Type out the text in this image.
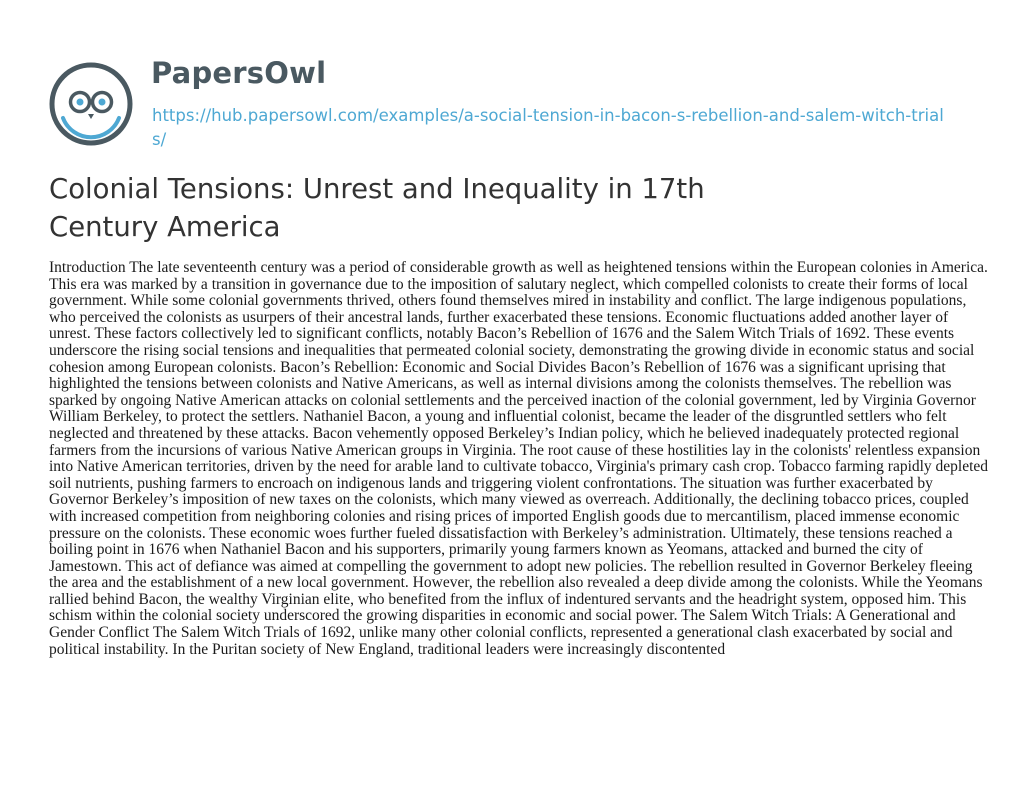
PapersOwl
https://hub.papersowl.com/examples/a-social-tension-in-bacon-s-rebellion-and-salem-witch-trials/
Colonial Tensions: Unrest and Inequality in 17th Century America

Introduction The late seventeenth century was a period of considerable growth as well as heightened tensions within the European colonies in America. This era was marked by a transition in governance due to the imposition of salutary neglect, which compelled colonists to create their forms of local government. While some colonial governments thrived, others found themselves mired in instability and conflict. The large indigenous populations, who perceived the colonists as usurpers of their ancestral lands, further exacerbated these tensions. Economic fluctuations added another layer of unrest. These factors collectively led to significant conflicts, notably Bacon’s Rebellion of 1676 and the Salem Witch Trials of 1692. These events underscore the rising social tensions and inequalities that permeated colonial society, demonstrating the growing divide in economic status and social cohesion among European colonists. Bacon’s Rebellion: Economic and Social Divides Bacon’s Rebellion of 1676 was a significant uprising that highlighted the tensions between colonists and Native Americans, as well as internal divisions among the colonists themselves. The rebellion was sparked by ongoing Native American attacks on colonial settlements and the perceived inaction of the colonial government, led by Virginia Governor William Berkeley, to protect the settlers. Nathaniel Bacon, a young and influential colonist, became the leader of the disgruntled settlers who felt neglected and threatened by these attacks. Bacon vehemently opposed Berkeley’s Indian policy, which he believed inadequately protected regional farmers from the incursions of various Native American groups in Virginia. The root cause of these hostilities lay in the colonists' relentless expansion into Native American territories, driven by the need for arable land to cultivate tobacco, Virginia's primary cash crop. Tobacco farming rapidly depleted soil nutrients, pushing farmers to encroach on indigenous lands and triggering violent confrontations. The situation was further exacerbated by Governor Berkeley’s imposition of new taxes on the colonists, which many viewed as overreach. Additionally, the declining tobacco prices, coupled with increased competition from neighboring colonies and rising prices of imported English goods due to mercantilism, placed immense economic pressure on the colonists. These economic woes further fueled dissatisfaction with Berkeley’s administration. Ultimately, these tensions reached a boiling point in 1676 when Nathaniel Bacon and his supporters, primarily young farmers known as Yeomans, attacked and burned the city of Jamestown. This act of defiance was aimed at compelling the government to adopt new policies. The rebellion resulted in Governor Berkeley fleeing the area and the establishment of a new local government. However, the rebellion also revealed a deep divide among the colonists. While the Yeomans rallied behind Bacon, the wealthy Virginian elite, who benefited from the influx of indentured servants and the headright system, opposed him. This schism within the colonial society underscored the growing disparities in economic and social power. The Salem Witch Trials: A Generational and Gender Conflict The Salem Witch Trials of 1692, unlike many other colonial conflicts, represented a generational clash exacerbated by social and political instability. In the Puritan society of New England, traditional leaders were increasingly discontented
